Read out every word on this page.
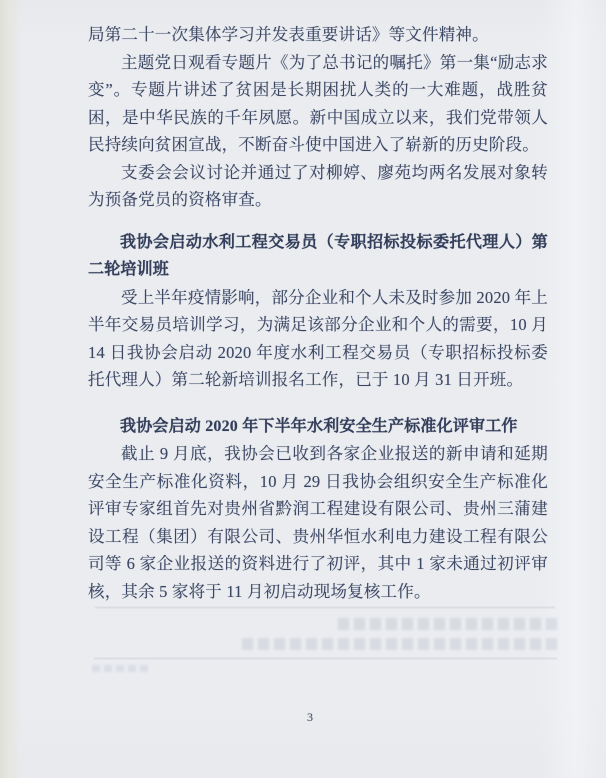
局第二十一次集体学习并发表重要讲话》等文件精神。

主题党日观看专题片《为了总书记的嘱托》第一集“励志求变”。专题片讲述了贫困是长期困扰人类的一大难题，战胜贫困，是中华民族的千年夙愿。新中国成立以来，我们党带领人民持续向贫困宣战，不断奋斗使中国进入了崭新的历史阶段。

支委会会议讨论并通过了对柳婷、廖苑均两名发展对象转为预备党员的资格审查。

我协会启动水利工程交易员（专职招标投标委托代理人）第二轮培训班

受上半年疫情影响，部分企业和个人未及时参加 2020 年上半年交易员培训学习，为满足该部分企业和个人的需要，10 月 14 日我协会启动 2020 年度水利工程交易员（专职招标投标委托代理人）第二轮新培训报名工作，已于 10 月 31 日开班。

我协会启动 2020 年下半年水利安全生产标准化评审工作

截止 9 月底，我协会已收到各家企业报送的新申请和延期安全生产标准化资料，10 月 29 日我协会组织安全生产标准化评审专家组首先对贵州省黔润工程建设有限公司、贵州三蒲建设工程（集团）有限公司、贵州华恒水利电力建设工程有限公司等 6 家企业报送的资料进行了初评，其中 1 家未通过初评审核，其余 5 家将于 11 月初启动现场复核工作。

3
